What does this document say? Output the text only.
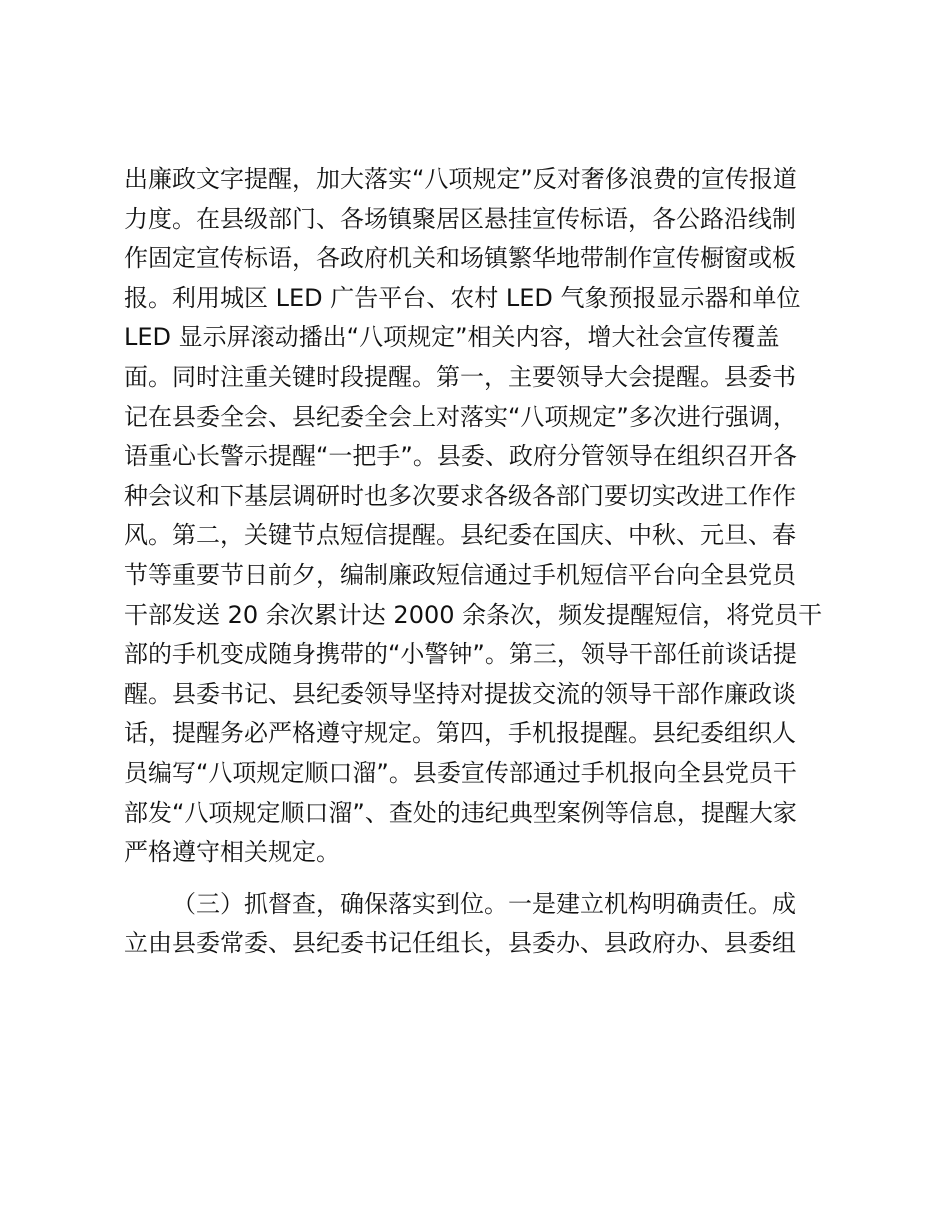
出廉政文字提醒，加大落实“八项规定”反对奢侈浪费的宣传报道
力度。在县级部门、各场镇聚居区悬挂宣传标语，各公路沿线制
作固定宣传标语，各政府机关和场镇繁华地带制作宣传橱窗或板
报。利用城区 LED 广告平台、农村 LED 气象预报显示器和单位
LED 显示屏滚动播出“八项规定”相关内容，增大社会宣传覆盖
面。同时注重关键时段提醒。第一，主要领导大会提醒。县委书
记在县委全会、县纪委全会上对落实“八项规定”多次进行强调，
语重心长警示提醒“一把手”。县委、政府分管领导在组织召开各
种会议和下基层调研时也多次要求各级各部门要切实改进工作作
风。第二，关键节点短信提醒。县纪委在国庆、中秋、元旦、春
节等重要节日前夕，编制廉政短信通过手机短信平台向全县党员
干部发送 20 余次累计达 2000 余条次，频发提醒短信，将党员干
部的手机变成随身携带的“小警钟”。第三，领导干部任前谈话提
醒。县委书记、县纪委领导坚持对提拔交流的领导干部作廉政谈
话，提醒务必严格遵守规定。第四，手机报提醒。县纪委组织人
员编写“八项规定顺口溜”。县委宣传部通过手机报向全县党员干
部发“八项规定顺口溜”、查处的违纪典型案例等信息，提醒大家
严格遵守相关规定。
（三）抓督查，确保落实到位。一是建立机构明确责任。成
立由县委常委、县纪委书记任组长，县委办、县政府办、县委组
